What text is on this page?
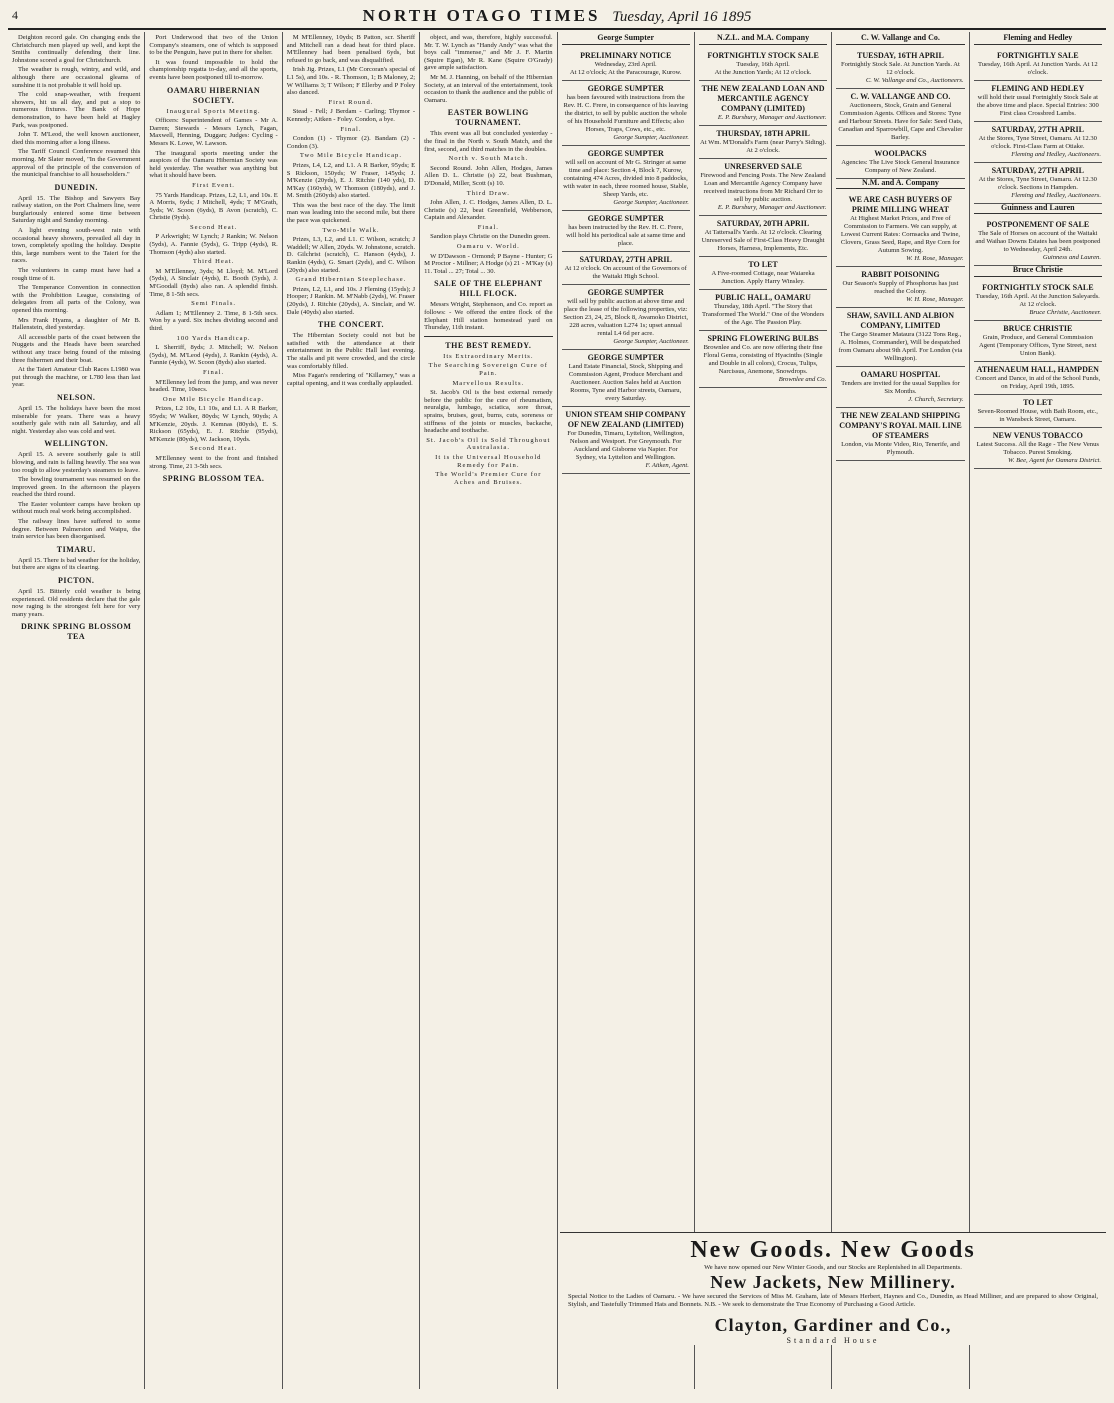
4	NORTH OTAGO TIMES Tuesday, April 16 1895

Deighton record gale. On changing ends the Christchurch men played up well, and kept the Smiths continually defending their line. Johnstone scored a goal for Christchurch.

The weather is rough, wintry, and wild, and although there are occasional gleams of sunshine it is not probable it will hold up.

The cold snap-weather, with frequent showers, hit us all day, and put a stop to numerous fixtures. The Bank of Hope demonstration, to have been held at Hagley Park, was postponed.

John T. M'Leod, the well known auctioneer, died this morning after a long illness.

The Tariff Council Conference resumed this morning. Mr Slater moved, "In the Government approval of the principle of the conversion of the municipal franchise to all householders."

DUNEDIN.

April 15. The Bishop and Sawyers Bay railway station, on the Port Chalmers line, were burglariously entered some time between Saturday night and Sunday morning.

A light evening south-west rain with occasional heavy showers, prevailed all day in town, completely spoiling the holiday. Despite this, large numbers went to the Taieri for the races.

The volunteers in camp must have had a rough time of it.

The Temperance Convention in connection with the Prohibition League, consisting of delegates from all parts of the Colony, was opened this morning.

Mrs Frank Hyams, a daughter of Mr B. Hallenstein, died yesterday.

All accessible parts of the coast between the Nuggets and the Heads have been searched without any trace being found of the missing three fishermen and their boat.

At the Taieri Amateur Club Races L1980 was put through the machine, or L780 less than last year.

NELSON.

April 15. The holidays have been the most miserable for years. There was a heavy southerly gale with rain all Saturday, and all night. Yesterday also was cold and wet.

WELLINGTON.

April 15. A severe southerly gale is still blowing, and rain is falling heavily. The sea was too rough to allow yesterday's steamers to leave.

The bowling tournament was resumed on the improved green. In the afternoon the players reached the third round.

The Easter volunteer camps have broken up without much real work being accomplished.

The railway lines have suffered to some degree. Between Palmerston and Waipu, the train service has been disorganised.

TIMARU.

April 15. There is bad weather for the holiday, but there are signs of its clearing.

PICTON.

April 15. Bitterly cold weather is being experienced. Old residents declare that the gale now raging is the strongest felt here for very many years.

DRINK SPRING BLOSSOM TEA

Port Underwood that two of the Union Company's steamers, one of which is supposed to be the Penguin, have put in there for shelter.

It was found impossible to hold the championship regatta to-day, and all the sports, events have been postponed till to-morrow.

OAMARU HIBERNIAN SOCIETY.
Inaugural Sports Meeting.

Officers: Superintendent of Games - Mr A. Darren; Stewards - Messrs Lynch, Fagan, Maxwell, Henning, Duggan; Judges: Cycling - Messrs K. Lowe, W. Lawson.

The inaugural sports meeting under the auspices of the Oamaru Hibernian Society was held yesterday. The weather was anything but what it should have been.

First Event.

75 Yards Handicap. Prizes, L2, L1, and 10s. E A Morris, 6yds; J Mitchell, 4yds; T M'Grath, 5yds; W. Scoon (6yds), B Avon (scratch), C. Christie (9yds).

Second Heat.

P Arkwright; W Lynch; J Rankin; W. Nelson (5yds), A. Fannie (5yds), G. Tripp (4yds), R. Thomson (4yds) also started.

Third Heat.

M M'Ellenney, 3yds; M Lloyd; M. M'Lord (5yds), A Sinclair (4yds), E. Booth (5yds), J. M'Goodall (8yds) also ran. A splendid finish. Time, 8 1-5th secs.

Semi Finals.

Adlam 1; M'Ellenney 2. Time, 8 1-5th secs. Won by a yard. Six inches dividing second and third.

100 Yards Handicap.

L Sherriff, 8yds; J. Mitchell; W. Nelson (5yds), M. M'Leod (4yds), J. Rankin (4yds), A. Fannie (4yds), W. Scoon (8yds) also started.

Final.

M'Ellenney led from the jump, and was never headed. Time, 10secs.

One Mile Bicycle Handicap.

Prizes, L2 10s, L1 10s, and L1. A R Barker, 95yds; W Walker, 80yds; W Lynch, 90yds; A M'Kenzie, 20yds. J. Kemnas (80yds), E. S. Rickson (65yds), E. J. Ritchie (95yds), M'Kenzie (80yds), W. Jackson, 10yds.

Second Heat.

M'Ellenney went to the front and finished strong. Time, 21 3-5th secs.

SPRING BLOSSOM TEA.

M M'Ellenney, 10yds; B Patton, scr. Sheriff and Mitchell ran a dead heat for third place. M'Ellenney had been penalised 6yds, but refused to go back, and was disqualified.

Irish Jig. Prizes, L1 (Mr Corcoran's special of L1 5s), and 10s. - R. Thomson, 1; B Maloney, 2; W Williams 3; T Wilson; F Ellerby and P Foley also danced.

First Round.

Stead - Fell; J Berdam - Carling; Thymor - Kennedy; Aitken - Foley. Condon, a bye.

Final.

Condon (1) - Thymor (2). Bandam (2) - Condon (3).

Two Mile Bicycle Handicap.

Prizes, L4, L2, and L1. A R Barker, 95yds; E S Rickson, 150yds; W Fraser, 145yds; J. M'Kenzie (20yds), E. J. Ritchie (140 yds), D. M'Kay (160yds), W Thomson (180yds), and J. M. Smith (260yds) also started.

This was the best race of the day. The limit man was leading into the second mile, but there the pace was quickened.

Two-Mile Walk.

Prizes, L3, L2, and L1. C Wilson, scratch; J Waddell; W Allen, 20yds. W. Johnstone, scratch. D. Gilchrist (scratch), C. Hanson (4yds), J. Rankin (4yds), G. Smart (2yds), and C. Wilson (20yds) also started.

Grand Hibernian Steeplechase.

Prizes, L2, L1, and 10s. J Fleming (15yds); J Hooper; J Rankin. M. M'Nabb (2yds), W. Fraser (20yds), J. Ritchie (20yds), A. Sinclair, and W. Dale (40yds) also started.

THE CONCERT.

The Hibernian Society could not but be satisfied with the attendance at their entertainment in the Public Hall last evening. The stalls and pit were crowded, and the circle was comfortably filled.

Miss Fagan's rendering of "Killarney," was a capital opening, and it was cordially applauded.

object, and was, therefore, highly successful. Mr. T. W. Lynch as "Handy Andy" was what the boys call "immense," and Mr J. F. Martin (Squire Egan), Mr R. Kane (Squire O'Grady) gave ample satisfaction.

Mr M. J. Hanning, on behalf of the Hibernian Society, at an interval of the entertainment, took occasion to thank the audience and the public of Oamaru.

EASTER BOWLING TOURNAMENT.

This event was all but concluded yesterday - the final in the North v. South Match, and the first, second, and third matches in the doubles.

North v. South Match.

Second Round. John Allen, Hodges, James Allen D. L. Christie (s) 22, beat Bushman, D'Donald, Miller, Scott (s) 10.

Third Draw.

John Allen, J. C. Hodges, James Allen, D. L. Christie (s) 22, beat Greenfield, Webberson, Captain and Alexander.

Final.

Sandion plays Christie on the Dunedin green.

Oamaru v. World.

W D'Dawson - Ormond; P Bayne - Hunter; G M Proctor - Millner; A Hodge (s) 21 - M'Kay (s) 11. Total ... 27; Total ... 30.

SALE OF THE ELEPHANT HILL FLOCK.

Messrs Wright, Stephenson, and Co. report as follows: - We offered the entire flock of the Elephant Hill station homestead yard on Thursday, 11th instant.

THE BEST REMEDY.
Its Extraordinary Merits.
The Searching Sovereign Cure of Pain.
Marvellous Results.

St. Jacob's Oil is the best external remedy before the public for the cure of rheumatism, neuralgia, lumbago, sciatica, sore throat, sprains, bruises, gout, burns, cuts, soreness or stiffness of the joints or muscles, backache, headache and toothache.

St. Jacob's Oil is Sold Throughout Australasia.
It is the Universal Household Remedy for Pain.
The World's Premier Cure for Aches and Bruises.
George Sumpter
PRELIMINARY NOTICE
Wednesday, 23rd April.
At 12 o'clock; At the Paracourage, Kurow.
GEORGE SUMPTER
has been favoured with instructions from the Rev. H. C. Frere, in consequence of his leaving the district, to sell by public auction the whole of his Household Furniture and Effects; also Horses, Traps, Cows, etc., etc.
George Sumpter, Auctioneer.
GEORGE SUMPTER
will sell on account of Mr G. Stringer at same time and place: Section 4, Block 7, Kurow, containing 474 Acres, divided into 8 paddocks, with water in each, three roomed house, Stable, Sheep Yards, etc.
George Sumpter, Auctioneer.
GEORGE SUMPTER
has been instructed by the Rev. H. C. Frere, will hold his periodical sale at same time and place.
SATURDAY, 27TH APRIL
At 12 o'clock. On account of the Governors of the Waitaki High School.
GEORGE SUMPTER
will sell by public auction at above time and place the lease of the following properties, viz: Section 23, 24, 25, Block 8, Awamoko District, 228 acres, valuation L274 1s; upset annual rental L4 6d per acre.
George Sumpter, Auctioneer.
GEORGE SUMPTER
Land Estate Financial, Stock, Shipping and Commission Agent, Produce Merchant and Auctioneer. Auction Sales held at Auction Rooms, Tyne and Harbor streets, Oamaru, every Saturday.
UNION STEAM SHIP COMPANY OF NEW ZEALAND (LIMITED)
For Dunedin, Timaru, Lyttelton, Wellington, Nelson and Westport. For Greymouth. For Auckland and Gisborne via Napier. For Sydney, via Lyttelton and Wellington.
F. Aitken, Agent.
N.Z.L. and M.A. Company
FORTNIGHTLY STOCK SALE
Tuesday, 16th April.
At the Junction Yards; At 12 o'clock.
THE NEW ZEALAND LOAN AND MERCANTILE AGENCY COMPANY (LIMITED)
E. P. Bursbury, Manager and Auctioneer.
THURSDAY, 18TH APRIL
At Wm. M'Donald's Farm (near Parry's Siding). At 2 o'clock.
UNRESERVED SALE
Firewood and Fencing Posts. The New Zealand Loan and Mercantile Agency Company have received instructions from Mr Richard Orr to sell by public auction.
E. P. Bursbury, Manager and Auctioneer.
SATURDAY, 20TH APRIL
At Tattersall's Yards. At 12 o'clock. Clearing Unreserved Sale of First-Class Heavy Draught Horses, Harness, Implements, Etc.
TO LET
A Five-roomed Cottage, near Waiareka Junction. Apply Harry Winsley.
PUBLIC HALL, OAMARU
Thursday, 18th April. "The Story that Transformed The World." One of the Wonders of the Age. The Passion Play.
SPRING FLOWERING BULBS
Brownlee and Co. are now offering their fine Floral Gems, consisting of Hyacinths (Single and Double in all colors), Crocus, Tulips, Narcissus, Anemone, Snowdrops.
Brownlee and Co.
C. W. Vallange and Co.
TUESDAY, 16TH APRIL
Fortnightly Stock Sale. At Junction Yards. At 12 o'clock.
C. W. Vallange and Co., Auctioneers.
C. W. VALLANGE AND CO.
Auctioneers, Stock, Grain and General Commission Agents. Offices and Stores: Tyne and Harbour Streets. Have for Sale: Seed Oats, Canadian and Sparrowbill, Cape and Chevalier Barley.
WOOLPACKS
Agencies: The Live Stock General Insurance Company of New Zealand.
N.M. and A. Company
WE ARE CASH BUYERS OF PRIME MILLING WHEAT
At Highest Market Prices, and Free of Commission to Farmers. We can supply, at Lowest Current Rates: Cornsacks and Twine, Clovers, Grass Seed, Rape, and Rye Corn for Autumn Sowing.
W. H. Rose, Manager.
RABBIT POISONING
Our Season's Supply of Phosphorus has just reached the Colony.
W. H. Rose, Manager.
SHAW, SAVILL AND ALBION COMPANY, LIMITED
The Cargo Steamer Mataura (3122 Tons Reg., A. Holmes, Commander), Will be despatched from Oamaru about 9th April. For London (via Wellington).
OAMARU HOSPITAL
Tenders are invited for the usual Supplies for Six Months.
J. Church, Secretary.
THE NEW ZEALAND SHIPPING COMPANY'S ROYAL MAIL LINE OF STEAMERS
London, via Monte Video, Rio, Tenerife, and Plymouth.
Fleming and Hedley
FORTNIGHTLY SALE
Tuesday, 16th April. At Junction Yards. At 12 o'clock.
FLEMING AND HEDLEY
will hold their usual Fortnightly Stock Sale at the above time and place. Special Entries: 300 First class Crossbred Lambs.
SATURDAY, 27TH APRIL
At the Stores, Tyne Street, Oamaru. At 12.30 o'clock. First-Class Farm at Otiake.
Fleming and Hedley, Auctioneers.
SATURDAY, 27TH APRIL
At the Stores, Tyne Street, Oamaru. At 12.30 o'clock. Sections in Hampden.
Fleming and Hedley, Auctioneers.
Guinness and Lauren
POSTPONEMENT OF SALE
The Sale of Horses on account of the Waitaki and Waihao Downs Estates has been postponed to Wednesday, April 24th.
Guinness and Lauren.
Bruce Christie
FORTNIGHTLY STOCK SALE
Tuesday, 16th April. At the Junction Saleyards. At 12 o'clock.
Bruce Christie, Auctioneer.
BRUCE CHRISTIE
Grain, Produce, and General Commission Agent (Temporary Offices, Tyne Street, next Union Bank).
ATHENAEUM HALL, HAMPDEN
Concert and Dance, in aid of the School Funds, on Friday, April 19th, 1895.
TO LET
Seven-Roomed House, with Bath Room, etc., in Wansbeck Street, Oamaru.
NEW VENUS TOBACCO
Latest Success. All the Rage - The New Venus Tobacco. Purest Smoking.
W. Bee, Agent for Oamaru District.
New Goods. New Goods
We have now opened our New Winter Goods, and our Stocks are Replenished in all Departments.
New Jackets, New Millinery.
Special Notice to the Ladies of Oamaru. - We have secured the Services of Miss M. Graham, late of Messrs Herbert, Haynes and Co., Dunedin, as Head Milliner, and are prepared to show Original, Stylish, and Tastefully Trimmed Hats and Bonnets. N.B. - We seek to demonstrate the True Economy of Purchasing a Good Article.
Clayton, Gardiner and Co.,
Standard House
